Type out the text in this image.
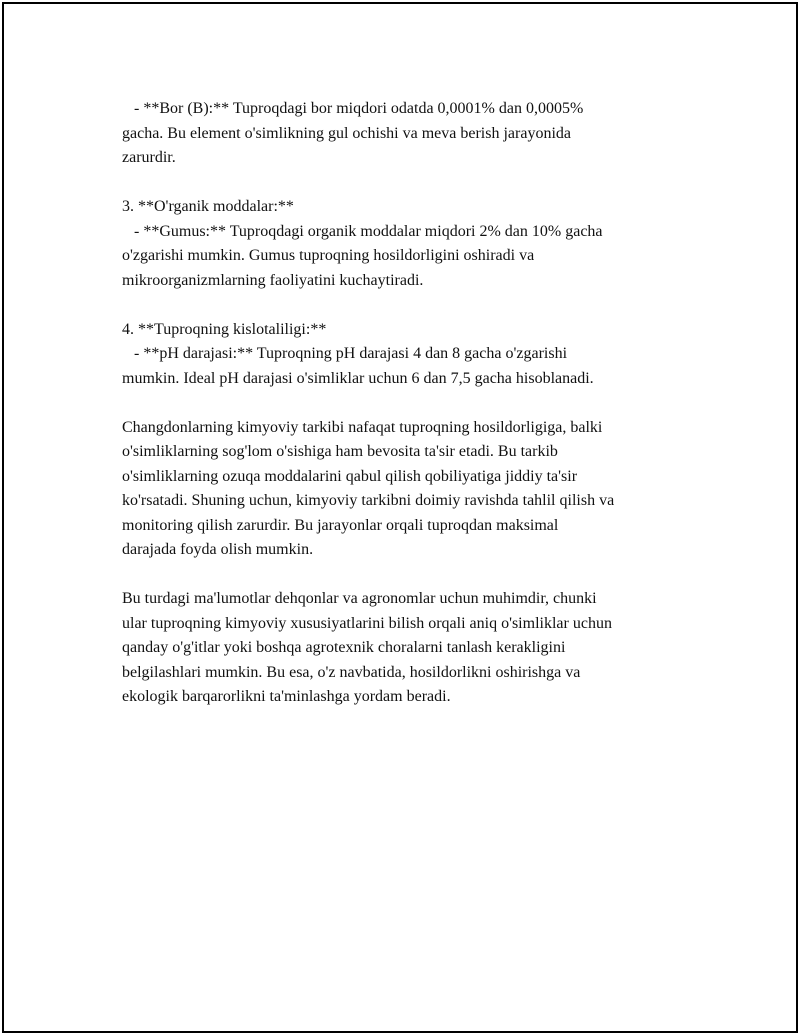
- **Bor (B):** Tuproqdagi bor miqdori odatda 0,0001% dan 0,0005%
gacha. Bu element o'simlikning gul ochishi va meva berish jarayonida
zarurdir.
3. **O'rganik moddalar:**
- **Gumus:** Tuproqdagi organik moddalar miqdori 2% dan 10% gacha
o'zgarishi mumkin. Gumus tuproqning hosildorligini oshiradi va
mikroorganizmlarning faoliyatini kuchaytiradi.
4. **Tuproqning kislotaliligi:**
- **pH darajasi:** Tuproqning pH darajasi 4 dan 8 gacha o'zgarishi
mumkin. Ideal pH darajasi o'simliklar uchun 6 dan 7,5 gacha hisoblanadi.
Changdonlarning kimyoviy tarkibi nafaqat tuproqning hosildorligiga, balki
o'simliklarning sog'lom o'sishiga ham bevosita ta'sir etadi. Bu tarkib
o'simliklarning ozuqa moddalarini qabul qilish qobiliyatiga jiddiy ta'sir
ko'rsatadi. Shuning uchun, kimyoviy tarkibni doimiy ravishda tahlil qilish va
monitoring qilish zarurdir. Bu jarayonlar orqali tuproqdan maksimal
darajada foyda olish mumkin.
Bu turdagi ma'lumotlar dehqonlar va agronomlar uchun muhimdir, chunki
ular tuproqning kimyoviy xususiyatlarini bilish orqali aniq o'simliklar uchun
qanday o'g'itlar yoki boshqa agrotexnik choralarni tanlash kerakligini
belgilashlari mumkin. Bu esa, o'z navbatida, hosildorlikni oshirishga va
ekologik barqarorlikni ta'minlashga yordam beradi.
